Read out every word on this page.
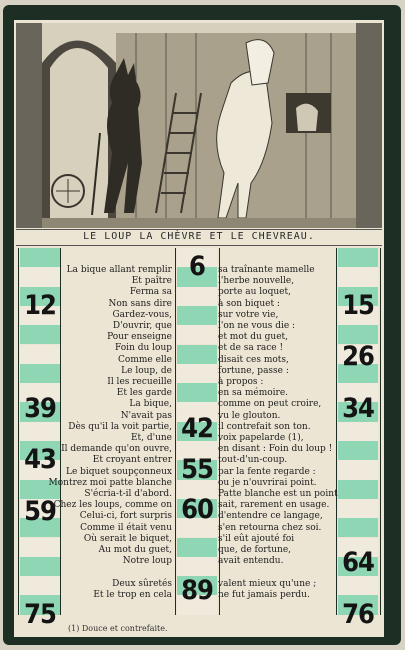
LE LOUP LA CHÈVRE ET LE CHEVREAU.
12
39
43
59
75
15
26
34
64
76
6
42
55
60
89
La bique allant remplir
Et paître
Ferma sa
Non sans dire
Gardez-vous,
D'ouvrir, que
Pour enseigne
Foin du loup
Comme elle
Le loup, de
Il les recueille
Et les garde
La bique,
N'avait pas
Dès qu'il la voit partie,
Et, d'une
Il demande qu'on ouvre,
Et croyant entrer
Le biquet soupçonneux
Montrez moi patte blanche
S'écria-t-il d'abord.
Chez les loups, comme on
Celui-ci, fort surpris
Comme il était venu
Où serait le biquet,
Au mot du guet,
Notre loup
Deux sûretés
Et le trop en cela
sa traînante mamelle
l'herbe nouvelle,
porte au loquet,
à son biquet :
sur votre vie,
l'on ne vous die :
et mot du guet,
et de sa race !
disait ces mots,
fortune, passe :
à propos :
en sa mémoire.
comme on peut croire,
vu le glouton.
il contrefait son ton.
voix papelarde (1),
en disant : Foin du loup !
tout-d'un-coup.
par la fente regarde :
ou je n'ouvrirai point.
Patte blanche est un point
sait, rarement en usage.
d'entendre ce langage,
s'en retourna chez soi.
s'il eût ajouté foi
que, de fortune,
avait entendu.
valent mieux qu'une ;
ne fut jamais perdu.
(1) Douce et contrefaite.
